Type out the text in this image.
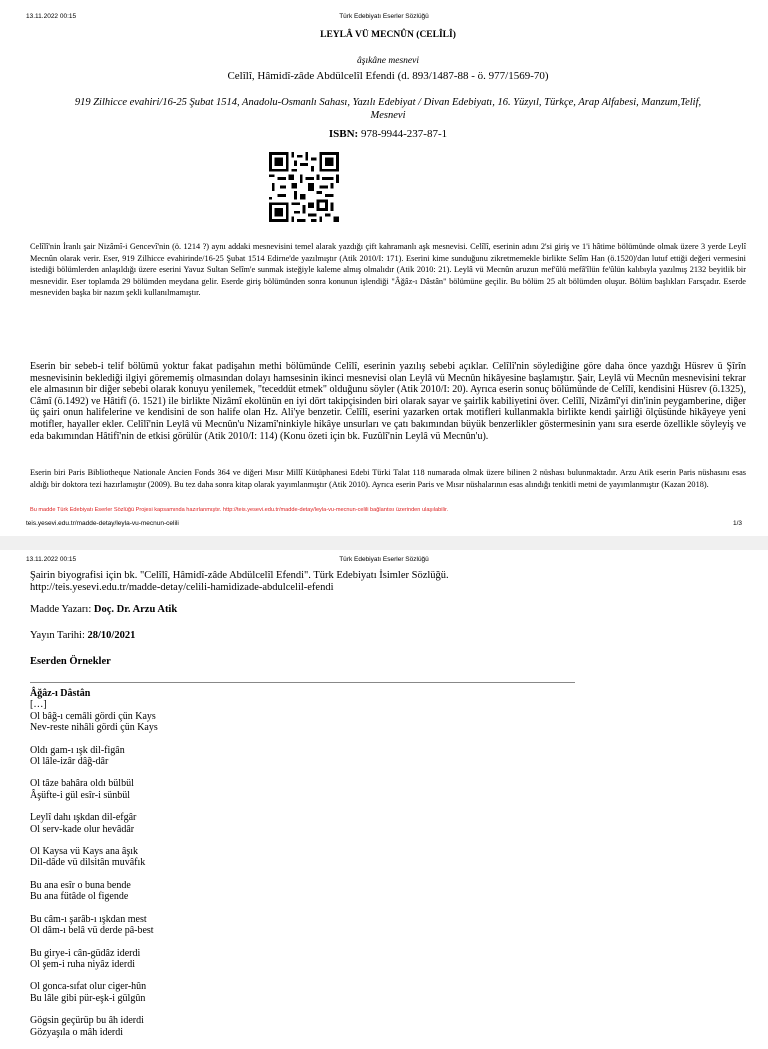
13.11.2022 00:15	Türk Edebiyatı Eserler Sözlüğü
LEYLÂ VÜ MECNÛN (CELÎLÎ)
âşıkâne mesnevi
Celîlî, Hâmidî-zâde Abdülcelîl Efendi (d. 893/1487-88 - ö. 977/1569-70)
919 Zilhicce evahiri/16-25 Şubat 1514, Anadolu-Osmanlı Sahası, Yazılı Edebiyat / Divan Edebiyatı, 16. Yüzyıl, Türkçe, Arap Alfabesi, Manzum,Telif, Mesnevi
ISBN: 978-9944-237-87-1
Celîlî'nin İranlı şair Nizâmî-i Gencevî'nin (ö. 1214 ?) aynı addaki mesnevisini temel alarak yazdığı çift kahramanlı aşk mesnevisi. Celîlî, eserinin adını 2'si giriş ve 1'i hâtime bölümünde olmak üzere 3 yerde Leylî Mecnûn olarak verir. Eser, 919 Zilhicce evahirinde/16-25 Şubat 1514 Edirne'de yazılmıştır (Atik 2010/I: 171). Eserini kime sunduğunu zikretmemekle birlikte Selîm Han (ö.1520)'dan lutuf ettiği değeri vermesini istediği bölümlerden anlaşıldığı üzere eserini Yavuz Sultan Selîm'e sunmak isteğiyle kaleme almış olmalıdır (Atik 2010: 21). Leylâ vü Mecnûn aruzun mef'ûlü mefâ'îlün fe'ûlün kalıbıyla yazılmış 2132 beyitlik bir mesnevidir. Eser toplamda 29 bölümden meydana gelir. Eserde giriş bölümünden sonra konunun işlendiği "Âğâz-ı Dâstân" bölümüne geçilir. Bu bölüm 25 alt bölümden oluşur. Bölüm başlıkları Farsçadır. Eserde mesneviden başka bir nazım şekli kullanılmamıştır.
Eserin bir sebeb-i telif bölümü yoktur fakat padişahın methi bölümünde Celîlî, eserinin yazılış sebebi açıklar. Celîlî'nin söylediğine göre daha önce yazdığı Hüsrev ü Şîrîn mesnevisinin beklediği ilgiyi görememiş olmasından dolayı hamsesinin ikinci mesnevisi olan Leylâ vü Mecnûn hikâyesine başlamıştır. Şair, Leylâ vü Mecnûn mesnevisini tekrar ele almasının bir diğer sebebi olarak konuyu yenilemek, "teceddüt etmek" olduğunu söyler (Atik 2010/I: 20). Ayrıca eserin sonuç bölümünde de Celîlî, kendisini Hüsrev (ö.1325), Câmî (ö.1492) ve Hâtifî (ö. 1521) ile birlikte Nizâmî ekolünün en iyi dört takipçisinden biri olarak sayar ve şairlik kabiliyetini över. Celîlî, Nizâmî'yi din'inin peygamberine, diğer üç şairi onun halifelerine ve kendisini de son halife olan Hz. Ali'ye benzetir. Celîlî, eserini yazarken ortak motifleri kullanmakla birlikte kendi şairliği ölçüsünde hikâyeye yeni motifler, hayaller ekler. Celîlî'nin Leylâ vü Mecnûn'u Nizamî'ninkiyle hikâye unsurları ve çatı bakımından büyük benzerlikler göstermesinin yanı sıra eserde özellikle söyleyiş ve eda bakımından Hâtifî'nin de etkisi görülür (Atik 2010/I: 114) (Konu özeti için bk. Fuzûlî'nin Leylâ vü Mecnûn'u).
Eserin biri Paris Bibliotheque Nationale Ancien Fonds 364 ve diğeri Mısır Millî Kütüphanesi Edebi Türki Talat 118 numarada olmak üzere bilinen 2 nüshası bulunmaktadır. Arzu Atik eserin Paris nüshasını esas aldığı bir doktora tezi hazırlamıştır (2009). Bu tez daha sonra kitap olarak yayımlanmıştır (Atik 2010). Ayrıca eserin Paris ve Mısır nüshalarının esas alındığı tenkitli metni de yayımlanmıştır (Kazan 2018).
Bu madde Türk Edebiyatı Eserler Sözlüğü Projesi kapsamında hazırlanmıştır. http://teis.yesevi.edu.tr/madde-detay/leyla-vu-mecnun-celili bağlantısı üzerinden ulaşılabilir.
teis.yesevi.edu.tr/madde-detay/leyla-vu-mecnun-celili	1/3
13.11.2022 00:15	Türk Edebiyatı Eserler Sözlüğü
Şairin biyografisi için bk. "Celîlî, Hâmidî-zâde Abdülcelîl Efendi". Türk Edebiyatı İsimler Sözlüğü.
http://teis.yesevi.edu.tr/madde-detay/celili-hamidizade-abdulcelil-efendi
Madde Yazarı: Doç. Dr. Arzu Atik
Yayın Tarihi: 28/10/2021
Eserden Örnekler
Âğâz-ı Dâstân
[…]
Ol bâğ-ı cemâli gördi çün Kays
Nev-reste nihâli gördi çün Kays
Oldı gam-ı ışk dil-figân
Ol lâle-izâr dâğ-dâr
Ol tâze bahâra oldı bülbül
Âşüfte-i gül esîr-i sünbül
Leylî dahı ışkdan dil-efgâr
Ol serv-kade olur hevâdâr
Ol Kaysa vü Kays ana âşık
Dil-dâde vü dilsitân muvâfık
Bu ana esîr o buna bende
Bu ana fütâde ol figende
Bu câm-ı şarâb-ı ışkdan mest
Ol dâm-ı belâ vü derde pâ-best
Bu girye-i cân-güdâz iderdi
Ol şem-i ruha niyâz iderdi
Ol gonca-sıfat olur ciger-hûn
Bu lâle gibi pür-eşk-i gülgûn
Gögsin geçürüp bu âh iderdi
Gözyaşıla o mâh iderdi
